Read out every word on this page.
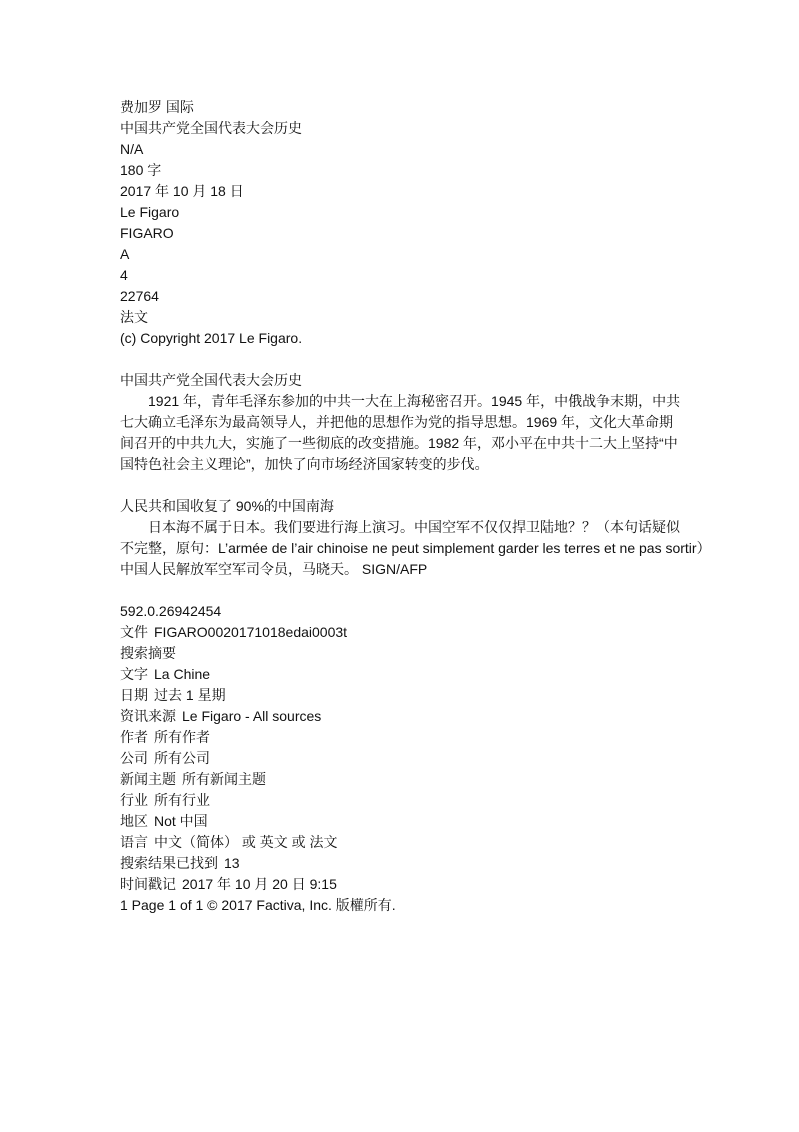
费加罗 国际
中国共产党全国代表大会历史
N/A
180 字
2017 年 10 月 18 日
Le Figaro
FIGARO
A
4
22764
法文
(c) Copyright 2017 Le Figaro.
中国共产党全国代表大会历史
1921 年，青年毛泽东参加的中共一大在上海秘密召开。1945 年，中俄战争末期，中共
七大确立毛泽东为最高领导人，并把他的思想作为党的指导思想。1969 年，文化大革命期
间召开的中共九大，实施了一些彻底的改变措施。1982 年，邓小平在中共十二大上坚持“中
国特色社会主义理论”，加快了向市场经济国家转变的步伐。
人民共和国收复了 90%的中国南海
日本海不属于日本。我们要进行海上演习。中国空军不仅仅捍卫陆地？？（本句话疑似
不完整，原句：L’armée de l’air chinoise ne peut simplement garder les terres et ne pas sortir）
中国人民解放军空军司令员，马晓天。 SIGN/AFP
592.0.26942454
文件 FIGARO0020171018edai0003t
搜索摘要
文字 La Chine
日期 过去 1 星期
资讯来源 Le Figaro - All sources
作者 所有作者
公司 所有公司
新闻主题 所有新闻主题
行业 所有行业
地区 Not 中国
语言 中文（简体） 或 英文 或 法文
搜索结果已找到 13
时间戳记 2017 年 10 月 20 日 9:15
1 Page 1 of 1 © 2017 Factiva, Inc. 版權所有.
